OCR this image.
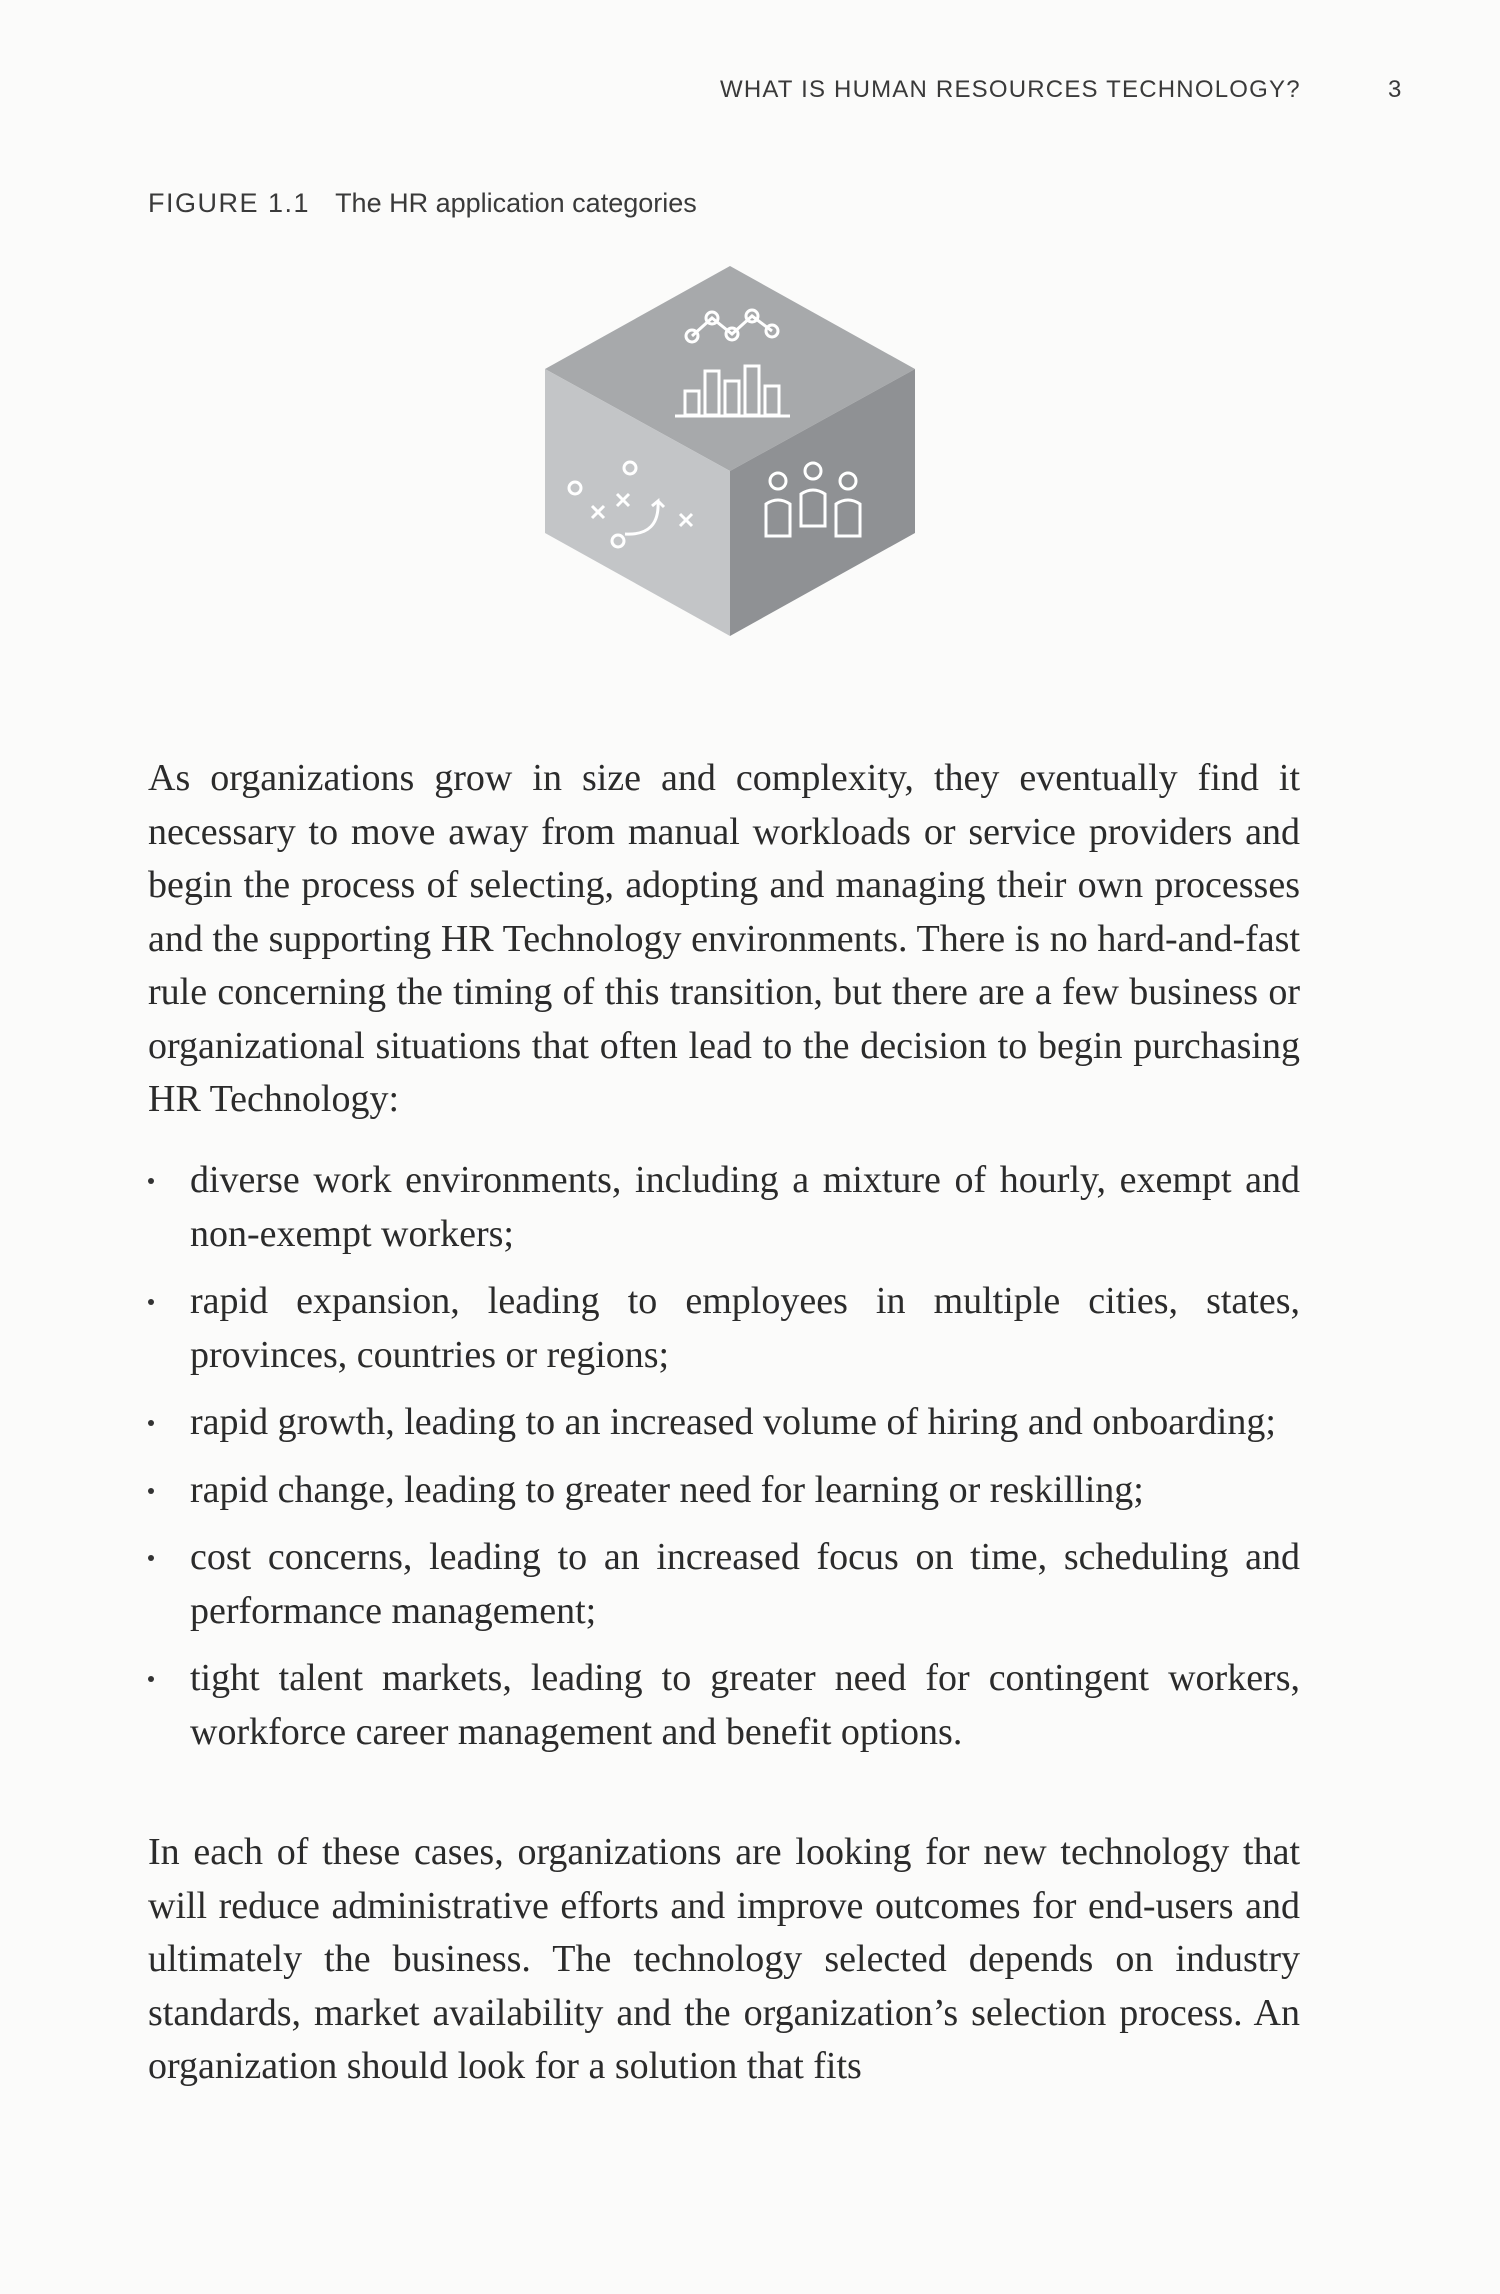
WHAT IS HUMAN RESOURCES TECHNOLOGY?	3
FIGURE 1.1 The HR application categories

As organizations grow in size and complexity, they eventually find it necessary to move away from manual workloads or service providers and begin the process of selecting, adopting and managing their own processes and the supporting HR Technology environments. There is no hard-and-fast rule concerning the timing of this transition, but there are a few business or organizational situations that often lead to the decision to begin purchasing HR Technology:

diverse work environments, including a mixture of hourly, exempt and non-exempt workers;
rapid expansion, leading to employees in multiple cities, states, provinces, countries or regions;
rapid growth, leading to an increased volume of hiring and onboarding;
rapid change, leading to greater need for learning or reskilling;
cost concerns, leading to an increased focus on time, scheduling and performance management;
tight talent markets, leading to greater need for contingent workers, workforce career management and benefit options.

In each of these cases, organizations are looking for new technology that will reduce administrative efforts and improve outcomes for end-users and ultimately the business. The technology selected depends on industry standards, market availability and the organization’s selection process. An organization should look for a solution that fits
